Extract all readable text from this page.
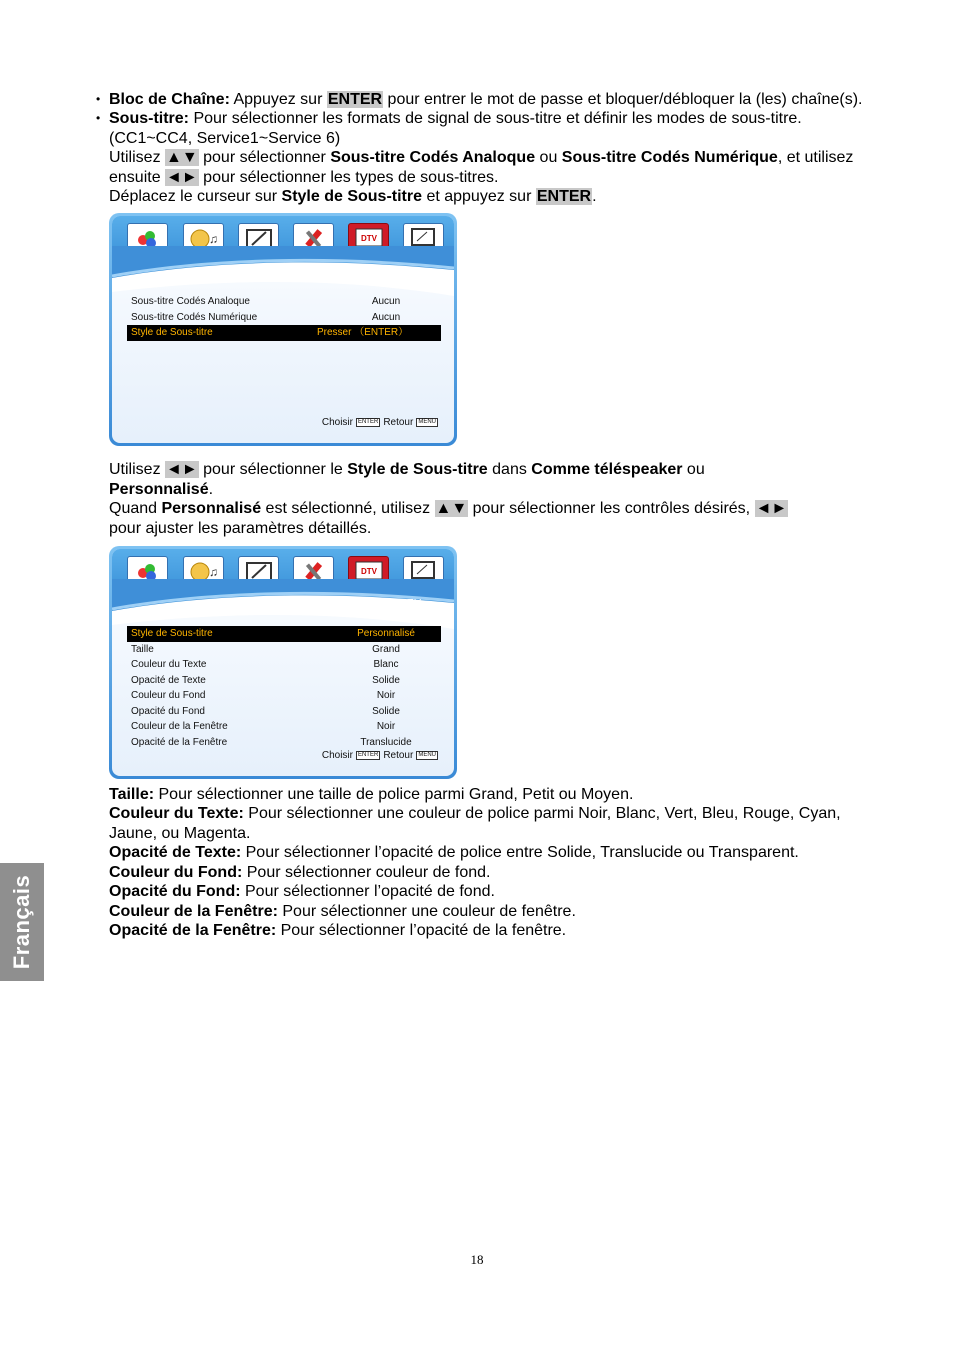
• Bloc de Chaîne: Appuyez sur ENTER pour entrer le mot de passe et bloquer/débloquer la (les) chaîne(s).
• Sous-titre: Pour sélectionner les formats de signal de sous-titre et définir les modes de sous-titre. (CC1~CC4, Service1~Service 6)
Utilisez ▲▼ pour sélectionner Sous-titre Codés Analoque ou Sous-titre Codés Numérique, et utilisez ensuite ◄► pour sélectionner les types de sous-titres.
Déplacez le curseur sur Style de Sous-titre et appuyez sur ENTER.
♫	DTV
DTV
Sous-titre Codés Analoque	Aucun
Sous-titre Codés Numérique	Aucun
Style de Sous-titre	Presser （ENTER）
Choisir ENTER Retour MENU
Utilisez ◄► pour sélectionner le Style de Sous-titre dans Comme téléspeaker ou
Personnalisé.
Quand Personnalisé est sélectionné, utilisez ▲▼ pour sélectionner les contrôles désirés, ◄►
pour ajuster les paramètres détaillés.
♫	DTV
DTV
Style de Sous-titre	Personnalisé
Taille	Grand
Couleur du Texte	Blanc
Opacité de Texte	Solide
Couleur du Fond	Noir
Opacité du Fond	Solide
Couleur de la Fenêtre	Noir
Opacité de la Fenêtre	Translucide
Choisir ENTER Retour MENU
Taille: Pour sélectionner une taille de police parmi Grand, Petit ou Moyen.
Couleur du Texte: Pour sélectionner une couleur de police parmi Noir, Blanc, Vert, Bleu, Rouge, Cyan, Jaune, ou Magenta.
Opacité de Texte: Pour sélectionner l’opacité de police entre Solide, Translucide ou Transparent.
Couleur du Fond: Pour sélectionner couleur de fond.
Opacité du Fond: Pour sélectionner l’opacité de fond.
Couleur de la Fenêtre: Pour sélectionner une couleur de fenêtre.
Opacité de la Fenêtre: Pour sélectionner l’opacité de la fenêtre.
Français
18
